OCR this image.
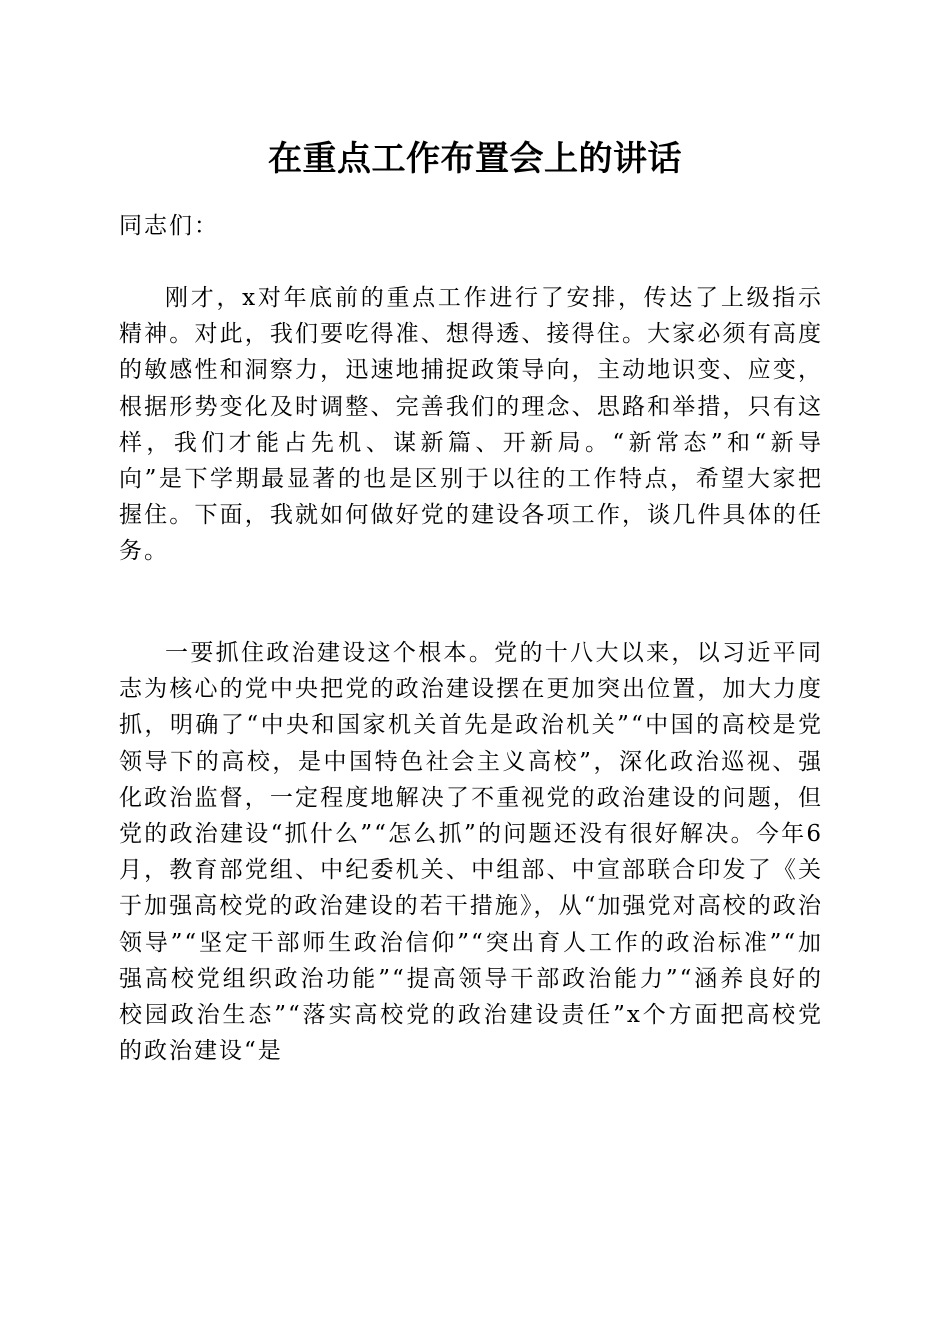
在重点工作布置会上的讲话
同志们：

刚才，x对年底前的重点工作进行了安排，传达了上级指示精神。对此，我们要吃得准、想得透、接得住。大家必须有高度的敏感性和洞察力，迅速地捕捉政策导向，主动地识变、应变，根据形势变化及时调整、完善我们的理念、思路和举措，只有这样，我们才能占先机、谋新篇、开新局。“新常态”和“新导向”是下学期最显著的也是区别于以往的工作特点，希望大家把握住。下面，我就如何做好党的建设各项工作，谈几件具体的任务。

一要抓住政治建设这个根本。党的十八大以来，以习近平同志为核心的党中央把党的政治建设摆在更加突出位置，加大力度抓，明确了“中央和国家机关首先是政治机关”“中国的高校是党领导下的高校，是中国特色社会主义高校”，深化政治巡视、强化政治监督，一定程度地解决了不重视党的政治建设的问题，但党的政治建设“抓什么”“怎么抓”的问题还没有很好解决。今年6月，教育部党组、中纪委机关、中组部、中宣部联合印发了《关于加强高校党的政治建设的若干措施》，从“加强党对高校的政治领导”“坚定干部师生政治信仰”“突出育人工作的政治标准”“加强高校党组织政治功能”“提高领导干部政治能力”“涵养良好的校园政治生态”“落实高校党的政治建设责任”x个方面把高校党的政治建设“是
